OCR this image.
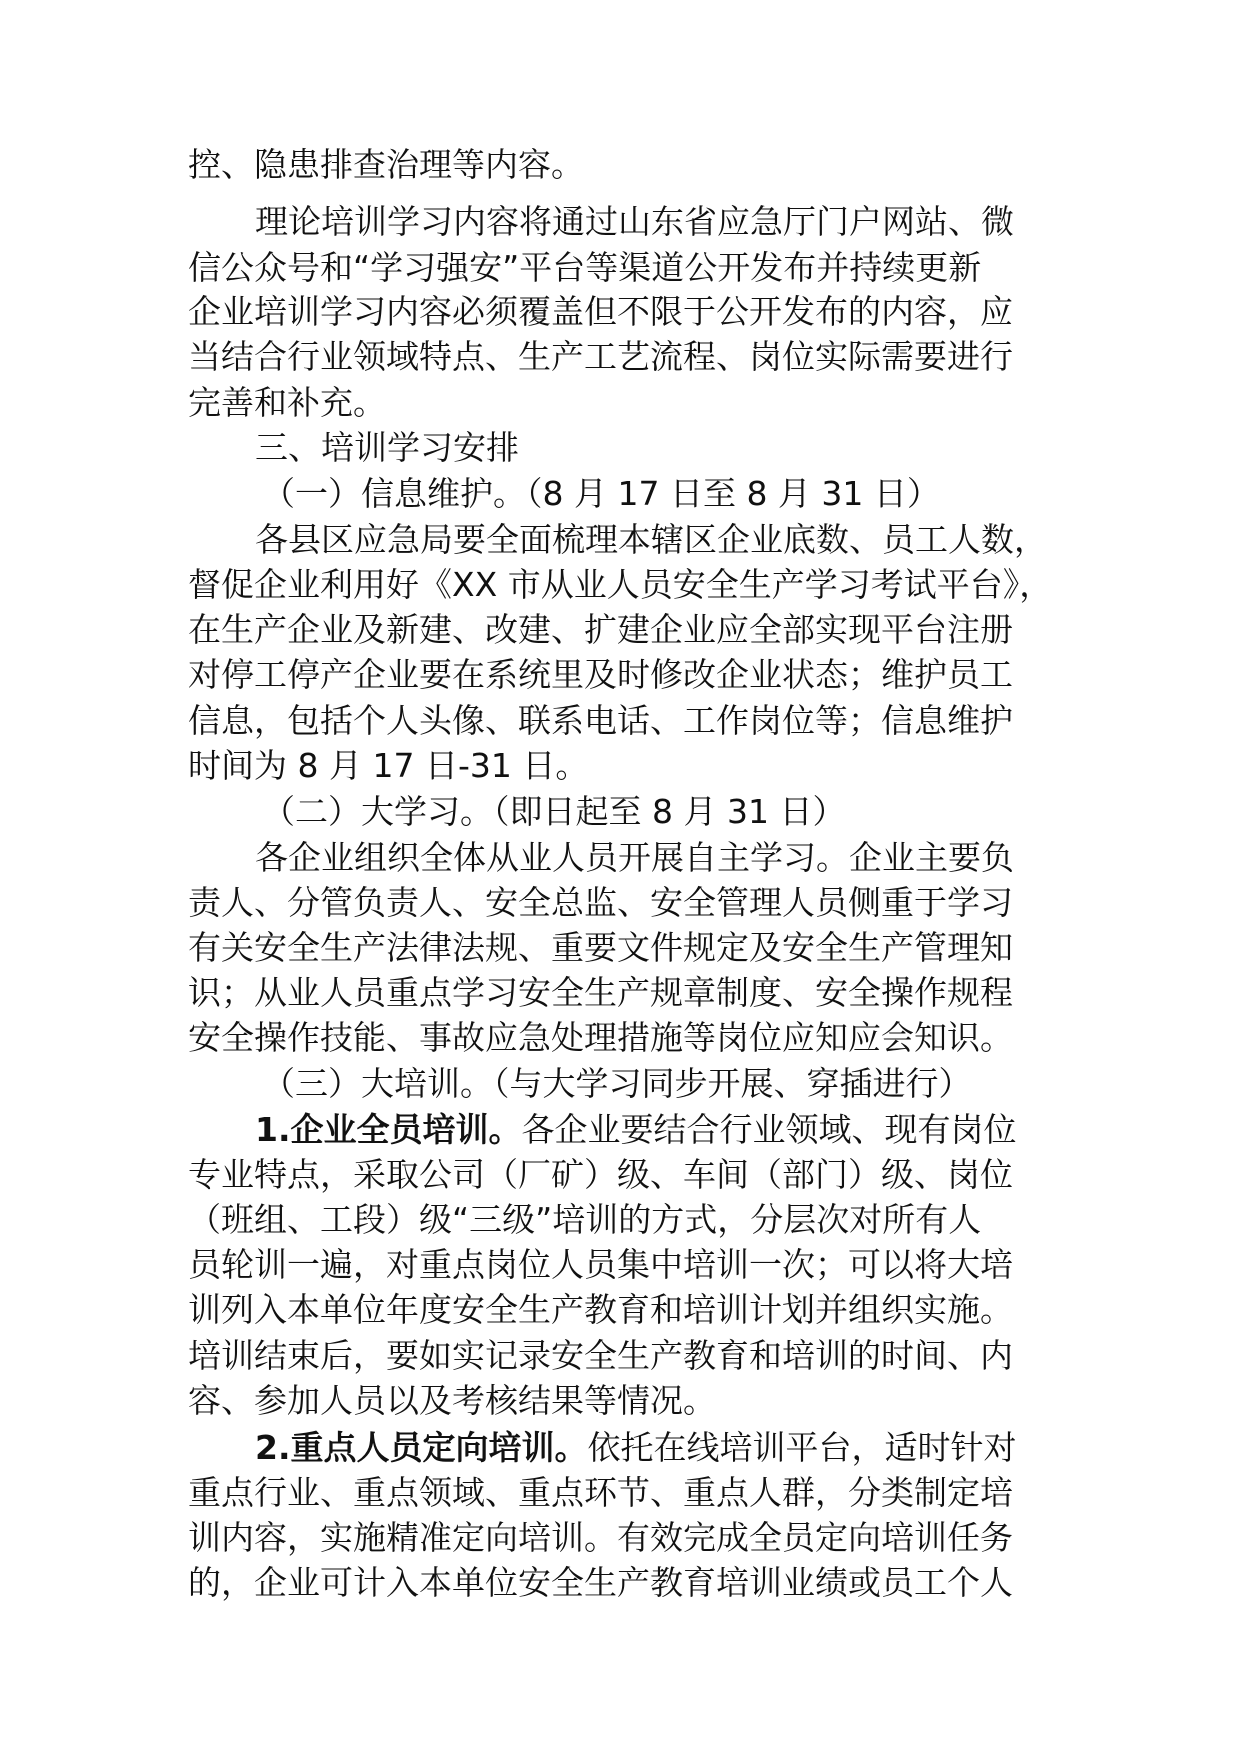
控、隐患排查治理等内容。

理论培训学习内容将通过山东省应急厅门户网站、微

信公众号和“学习强安”平台等渠道公开发布并持续更新

企业培训学习内容必须覆盖但不限于公开发布的内容，应

当结合行业领域特点、生产工艺流程、岗位实际需要进行

完善和补充。

三、培训学习安排

（一）信息维护。（8 月 17 日至 8 月 31 日）

各县区应急局要全面梳理本辖区企业底数、员工人数，

督促企业利用好《XX 市从业人员安全生产学习考试平台》，

在生产企业及新建、改建、扩建企业应全部实现平台注册

对停工停产企业要在系统里及时修改企业状态；维护员工

信息，包括个人头像、联系电话、工作岗位等；信息维护

时间为 8 月 17 日-31 日。

（二）大学习。（即日起至 8 月 31 日）

各企业组织全体从业人员开展自主学习。企业主要负

责人、分管负责人、安全总监、安全管理人员侧重于学习

有关安全生产法律法规、重要文件规定及安全生产管理知

识；从业人员重点学习安全生产规章制度、安全操作规程

安全操作技能、事故应急处理措施等岗位应知应会知识。

（三）大培训。（与大学习同步开展、穿插进行）

1.企业全员培训。各企业要结合行业领域、现有岗位

专业特点，采取公司（厂矿）级、车间（部门）级、岗位

（班组、工段）级“三级”培训的方式，分层次对所有人

员轮训一遍，对重点岗位人员集中培训一次；可以将大培

训列入本单位年度安全生产教育和培训计划并组织实施。

培训结束后，要如实记录安全生产教育和培训的时间、内

容、参加人员以及考核结果等情况。

2.重点人员定向培训。依托在线培训平台，适时针对

重点行业、重点领域、重点环节、重点人群，分类制定培

训内容，实施精准定向培训。有效完成全员定向培训任务

的，企业可计入本单位安全生产教育培训业绩或员工个人
